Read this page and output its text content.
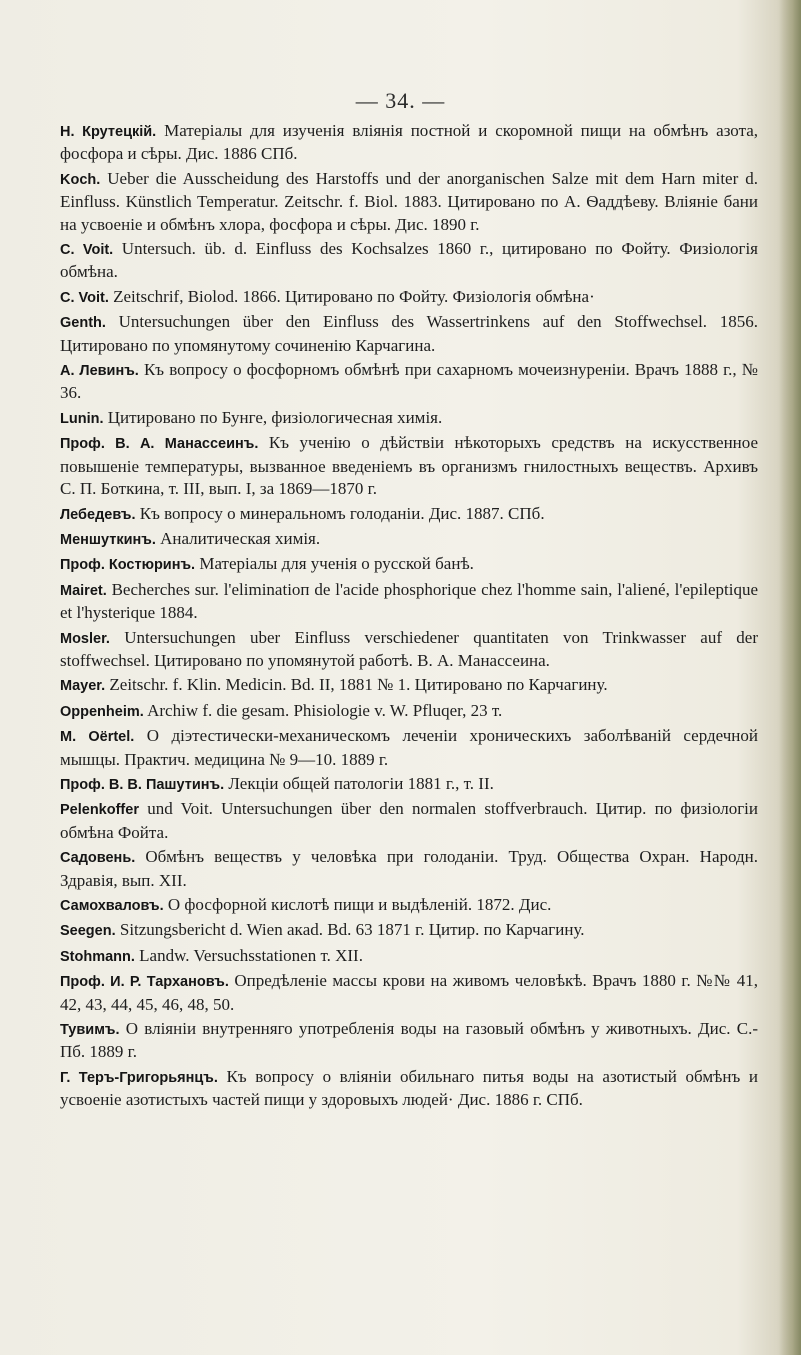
— 34. —

Н. Крутецкій. Матеріалы для изученія вліянія постной и скоромной пищи на обмѣнъ азота, фосфора и сѣры. Дис. 1886 СПб.

Koch. Ueber die Ausscheidung des Harstoffs und der anorganischen Salze mit dem Harn miter d. Einfluss. Künstlich Temperatur. Zeitschr. f. Biol. 1883. Цитировано по А. Ѳаддѣеву. Вліяніе бани на усвоеніе и обмѣнъ хлора, фосфора и сѣры. Дис. 1890 г.

C. Voit. Untersuch. üb. d. Einfluss des Kochsalzes 1860 г., цитировано по Фойту. Физіологія обмѣна.

C. Voit. Zeitschrif, Biolod. 1866. Цитировано по Фойту. Физіологія обмѣна·

Genth. Untersuchungen über den Einfluss des Wassertrinkens auf den Stoffwechsel. 1856. Цитировано по упомянутому сочиненію Карчагина.

А. Левинъ. Къ вопросу о фосфорномъ обмѣнѣ при сахарномъ мочеизнуреніи. Врачъ 1888 г., № 36.

Lunin. Цитировано по Бунге, физіологичесная химія.

Проф. В. А. Манассеинъ. Къ ученію о дѣйствіи нѣкоторыхъ средствъ на искусственное повышеніе температуры, вызванное введеніемъ въ организмъ гнилостныхъ веществъ. Архивъ С. П. Боткина, т. III, вып. I, за 1869—1870 г.

Лебедевъ. Къ вопросу о минеральномъ голоданіи. Дис. 1887. СПб.

Меншуткинъ. Аналитическая химія.

Проф. Костюринъ. Матеріалы для ученія о русской банѣ.

Mairet. Becherches sur. l'eliminatioп de l'acide phosphorique chez l'homme sain, l'aliené, l'epileptique et l'hysterique 1884.

Mosler. Untersuchungen uber Einfluss verschiedener quantitaten von Trinkwasser auf der stoffwechsel. Цитировано по упомянутой работѣ. В. А. Манассеина.

Mayer. Zeitschr. f. Klin. Medicin. Bd. II, 1881 № 1. Цитировано по Карчагину.

Oppenheim. Archiw f. die gesam. Phisiologie v. W. Pfluqer, 23 т.

М. Оёrtel. О діэтестически-механическомъ леченіи хроническихъ заболѣваній сердечной мышцы. Практич. медицина № 9—10. 1889 г.

Проф. В. В. Пашутинъ. Лекціи общей патологіи 1881 г., т. II.

Pelenkoffer und Voit. Untersuchungen über den normalen stoffverbrauch. Цитир. по физіологіи обмѣна Фойта.

Садовень. Обмѣнъ веществъ у человѣка при голоданіи. Труд. Общества Охран. Народн. Здравія, вып. XII.

Самохваловъ. О фосфорной кислотѣ пищи и выдѣленій. 1872. Дис.

Seegen. Sitzungsbericht d. Wien акad. Bd. 63 1871 г. Цитир. по Карчагину.

Stohmann. Landw. Versuchsstationen т. XII.

Проф. И. Р. Тархановъ. Опредѣленіе массы крови на живомъ человѣкѣ. Врачъ 1880 г. №№ 41, 42, 43, 44, 45, 46, 48, 50.

Тувимъ. О вліяніи внутренняго употребленія воды на газовый обмѣнъ у животныхъ. Дис. С.-Пб. 1889 г.

Г. Теръ-Григорьянцъ. Къ вопросу о вліяніи обильнаго питья воды на азотистый обмѣнъ и усвоеніе азотистыхъ частей пищи у здоровыхъ людей· Дис. 1886 г. СПб.
